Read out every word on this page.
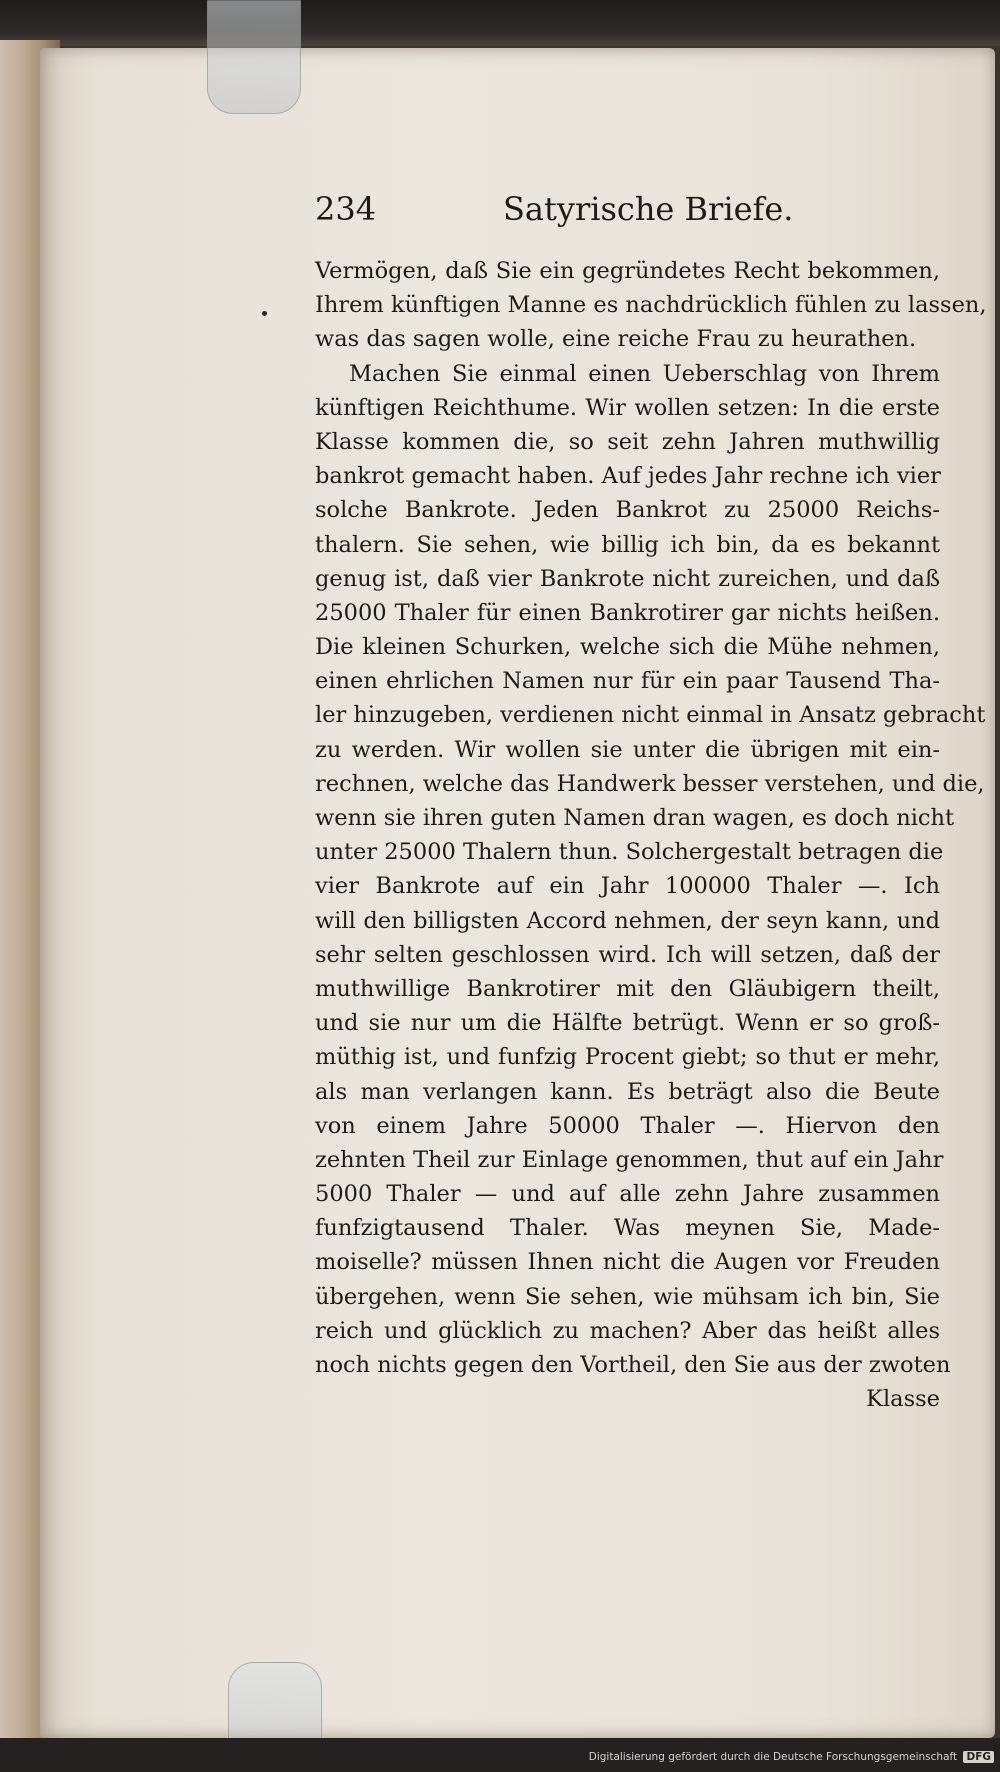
234	Satyrische Briefe.
Vermögen, daß Sie ein gegründetes Recht bekommen,
Ihrem künftigen Manne es nachdrücklich fühlen zu lassen,
was das sagen wolle, eine reiche Frau zu heurathen.
Machen Sie einmal einen Ueberschlag von Ihrem
künftigen Reichthume. Wir wollen setzen: In die erste
Klasse kommen die, so seit zehn Jahren muthwillig
bankrot gemacht haben. Auf jedes Jahr rechne ich vier
solche Bankrote. Jeden Bankrot zu 25000 Reichs-
thalern. Sie sehen, wie billig ich bin, da es bekannt
genug ist, daß vier Bankrote nicht zureichen, und daß
25000 Thaler für einen Bankrotirer gar nichts heißen.
Die kleinen Schurken, welche sich die Mühe nehmen,
einen ehrlichen Namen nur für ein paar Tausend Tha-
ler hinzugeben, verdienen nicht einmal in Ansatz gebracht
zu werden. Wir wollen sie unter die übrigen mit ein-
rechnen, welche das Handwerk besser verstehen, und die,
wenn sie ihren guten Namen dran wagen, es doch nicht
unter 25000 Thalern thun. Solchergestalt betragen die
vier Bankrote auf ein Jahr 100000 Thaler —. Ich
will den billigsten Accord nehmen, der seyn kann, und
sehr selten geschlossen wird. Ich will setzen, daß der
muthwillige Bankrotirer mit den Gläubigern theilt,
und sie nur um die Hälfte betrügt. Wenn er so groß-
müthig ist, und funfzig Procent giebt; so thut er mehr,
als man verlangen kann. Es beträgt also die Beute
von einem Jahre 50000 Thaler —. Hiervon den
zehnten Theil zur Einlage genommen, thut auf ein Jahr
5000 Thaler — und auf alle zehn Jahre zusammen
funfzigtausend Thaler. Was meynen Sie, Made-
moiselle? müssen Ihnen nicht die Augen vor Freuden
übergehen, wenn Sie sehen, wie mühsam ich bin, Sie
reich und glücklich zu machen? Aber das heißt alles
noch nichts gegen den Vortheil, den Sie aus der zwoten
Klasse
Digitalisierung gefördert durch die Deutsche Forschungsgemeinschaft DFG
